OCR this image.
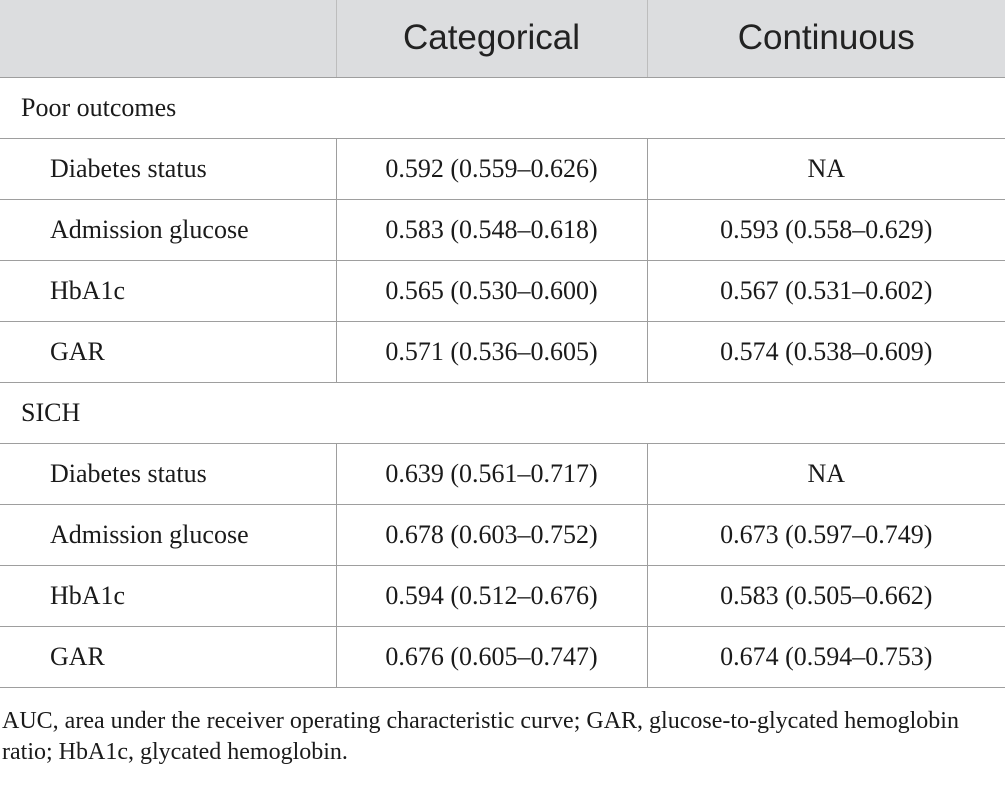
	Categorical	Continuous
Poor outcomes		
Diabetes status	0.592 (0.559–0.626)	NA
Admission glucose	0.583 (0.548–0.618)	0.593 (0.558–0.629)
HbA1c	0.565 (0.530–0.600)	0.567 (0.531–0.602)
GAR	0.571 (0.536–0.605)	0.574 (0.538–0.609)
SICH		
Diabetes status	0.639 (0.561–0.717)	NA
Admission glucose	0.678 (0.603–0.752)	0.673 (0.597–0.749)
HbA1c	0.594 (0.512–0.676)	0.583 (0.505–0.662)
GAR	0.676 (0.605–0.747)	0.674 (0.594–0.753)

AUC, area under the receiver operating characteristic curve; GAR, glucose-to-glycated hemoglobin ratio; HbA1c, glycated hemoglobin.
